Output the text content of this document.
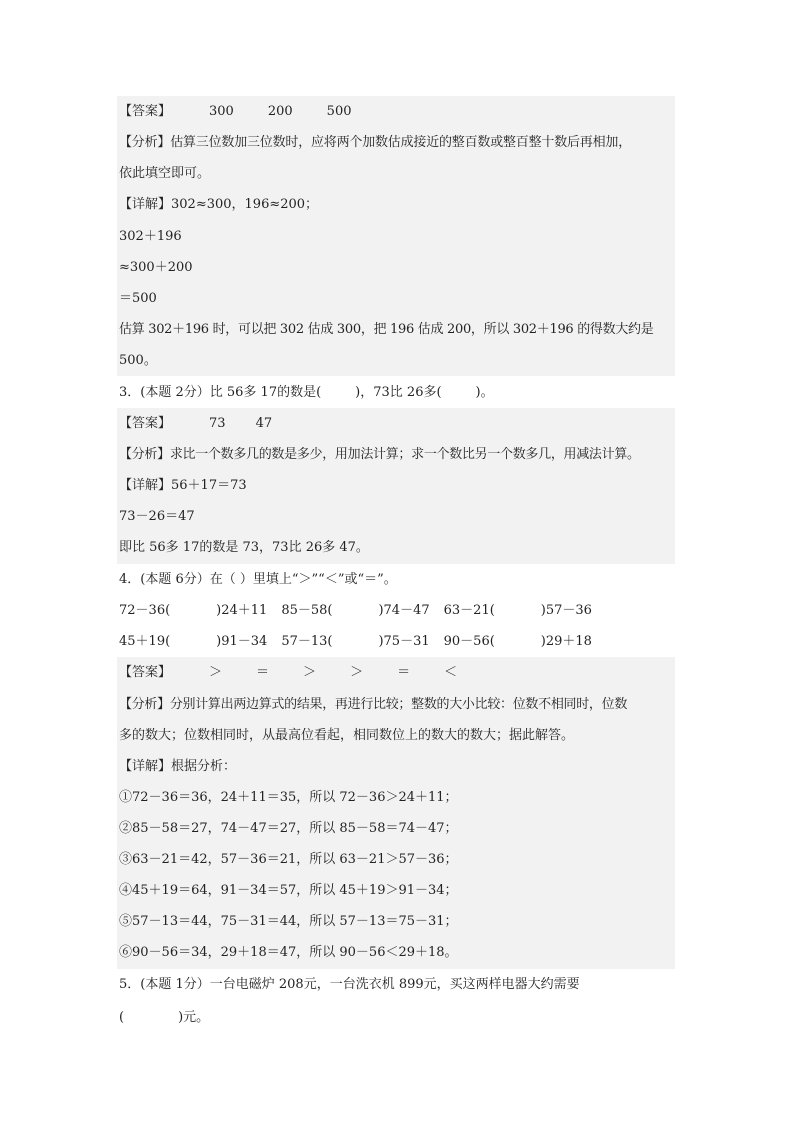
【答案】	300	200	500
【分析】估算三位数加三位数时，应将两个加数估成接近的整百数或整百整十数后再相加，
依此填空即可。
【详解】302≈300，196≈200；
302＋196
≈300＋200
＝500
估算 302＋196 时，可以把 302 估成 300，把 196 估成 200，所以 302＋196 的得数大约是
500。
3．(本题 2分）比 56多 17的数是(	)，73比 26多(	)。
【答案】	73 47
【分析】求比一个数多几的数是多少，用加法计算；求一个数比另一个数多几，用减法计算。
【详解】56＋17＝73
73－26＝47
即比 56多 17的数是 73，73比 26多 47。
4．(本题 6分）在（ ）里填上“＞”“＜”或“＝”。
72－36(	)24＋11 85－58(	)74－47 63－21(	)57－36
45＋19(	)91－34 57－13(	)75－31 90－56(	)29＋18
【答案】	＞	＝	＞	＞	＝	＜
【分析】分别计算出两边算式的结果，再进行比较；整数的大小比较：位数不相同时，位数
多的数大；位数相同时，从最高位看起，相同数位上的数大的数大；据此解答。
【详解】根据分析：
①72－36＝36，24＋11＝35，所以 72－36＞24＋11；
②85－58＝27，74－47＝27，所以 85－58＝74－47；
③63－21＝42，57－36＝21，所以 63－21＞57－36；
④45＋19＝64，91－34＝57，所以 45＋19＞91－34；
⑤57－13＝44，75－31＝44，所以 57－13＝75－31；
⑥90－56＝34，29＋18＝47，所以 90－56＜29＋18。
5．(本题 1分）一台电磁炉 208元，一台洗衣机 899元，买这两样电器大约需要
(	)元。
